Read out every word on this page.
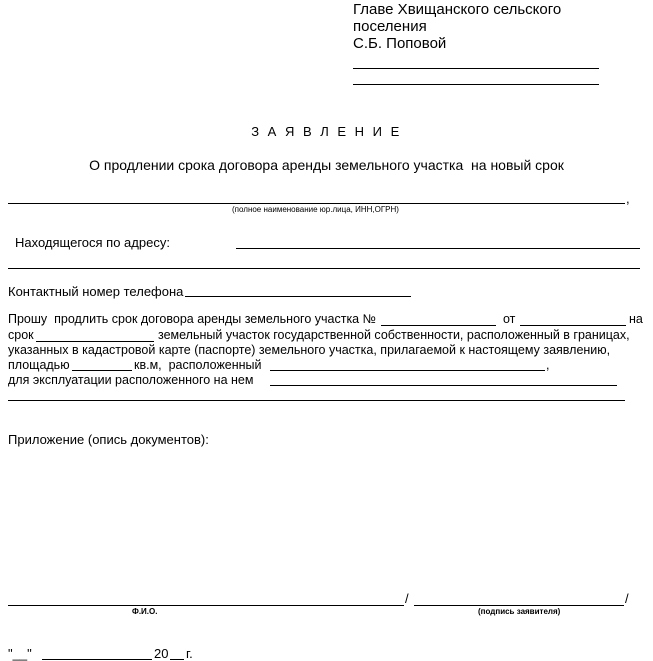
Главе Хвищанского сельского
поселения
С.Б. Поповой
З А Я В Л Е Н И Е
О продлении срока договора аренды земельного участка  на новый срок
,
(полное наименование юр.лица, ИНН,ОГРН)
Находящегося по адресу:
Контактный номер телефона
Прошу  продлить срок договора аренды земельного участка №	от	на
срок	земельный участок государственной собственности, расположенный в границах,
указанных в кадастровой карте (паспорте) земельного участка, прилагаемой к настоящему заявлению,
площадью	кв.м,  расположенный	,
для эксплуатации расположенного на нем
Приложение (опись документов):
/	/
Ф.И.О.	(подпись заявителя)
"__"	20 г.
